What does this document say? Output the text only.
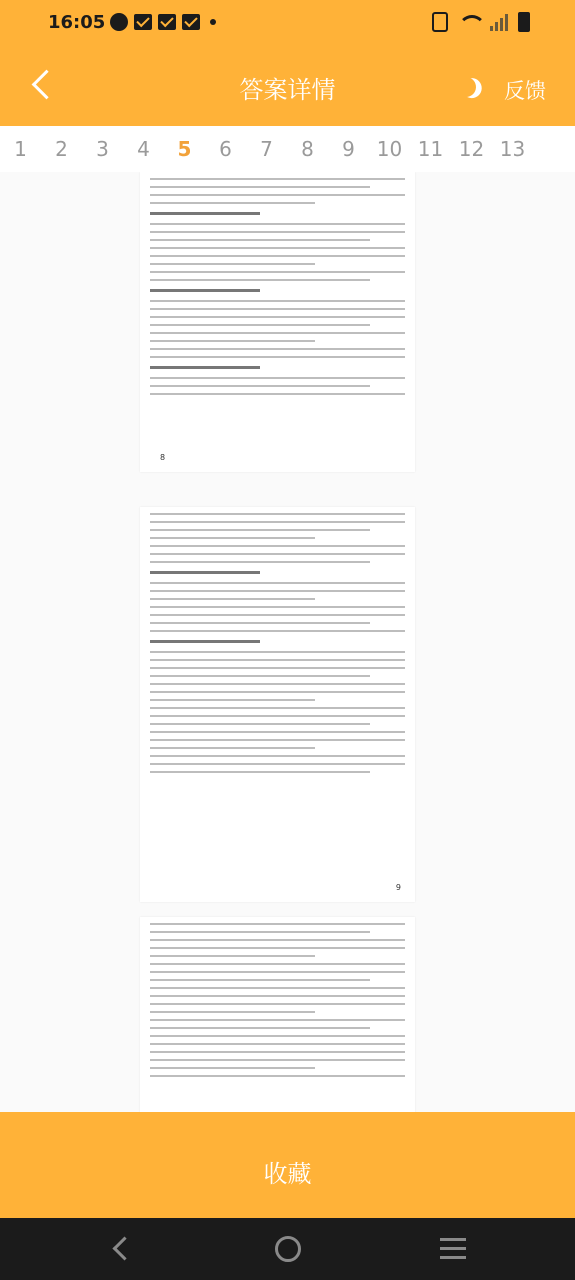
16:05
答案详情	反馈
1	2	3	4	5	6	7	8	9	10 11 12 13
8
9
收藏
